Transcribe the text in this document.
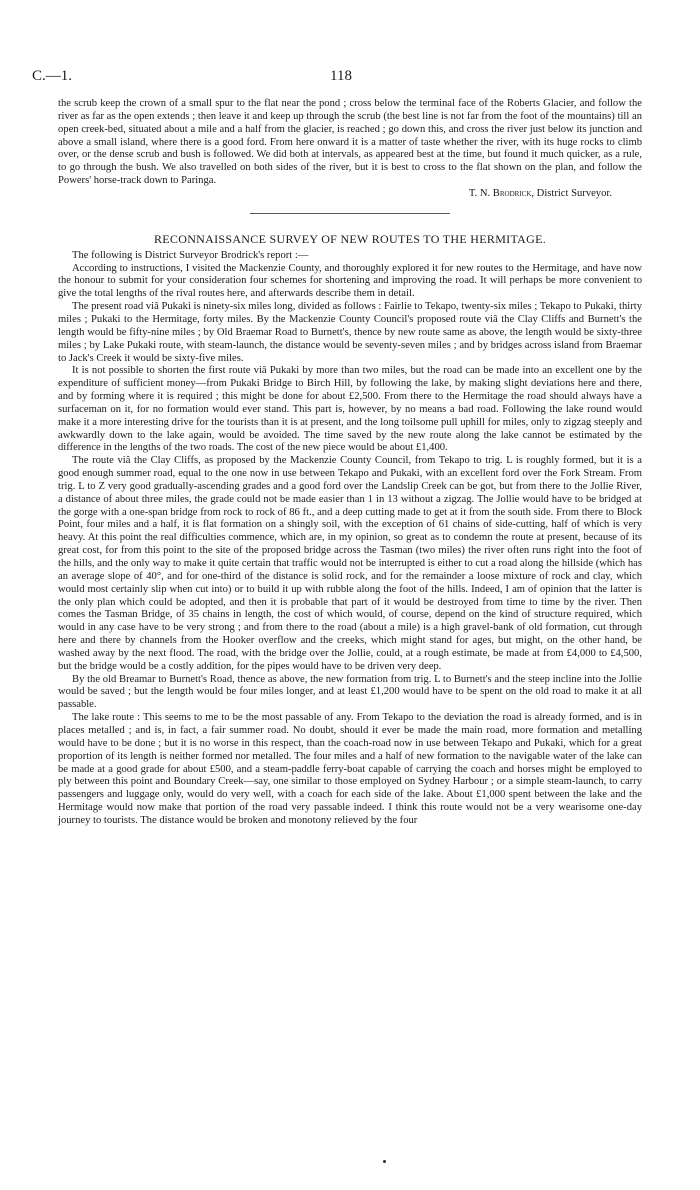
C.—1.	118

the scrub keep the crown of a small spur to the flat near the pond ; cross below the terminal face of the Roberts Glacier, and follow the river as far as the open extends ; then leave it and keep up through the scrub (the best line is not far from the foot of the mountains) till an open creek-bed, situated about a mile and a half from the glacier, is reached ; go down this, and cross the river just below its junction and above a small island, where there is a good ford. From here onward it is a matter of taste whether the river, with its huge rocks to climb over, or the dense scrub and bush is followed. We did both at intervals, as appeared best at the time, but found it much quicker, as a rule, to go through the bush. We also travelled on both sides of the river, but it is best to cross to the flat shown on the plan, and follow the Powers' horse-track down to Paringa.

T. N. Brodrick, District Surveyor.

RECONNAISSANCE SURVEY OF NEW ROUTES TO THE HERMITAGE.

The following is District Surveyor Brodrick's report :—

According to instructions, I visited the Mackenzie County, and thoroughly explored it for new routes to the Hermitage, and have now the honour to submit for your consideration four schemes for shortening and improving the road. It will perhaps be more convenient to give the total lengths of the rival routes here, and afterwards describe them in detail.

The present road viâ Pukaki is ninety-six miles long, divided as follows : Fairlie to Tekapo, twenty-six miles ; Tekapo to Pukaki, thirty miles ; Pukaki to the Hermitage, forty miles. By the Mackenzie County Council's proposed route viâ the Clay Cliffs and Burnett's the length would be fifty-nine miles ; by Old Braemar Road to Burnett's, thence by new route same as above, the length would be sixty-three miles ; by Lake Pukaki route, with steam-launch, the distance would be seventy-seven miles ; and by bridges across island from Braemar to Jack's Creek it would be sixty-five miles.

It is not possible to shorten the first route viâ Pukaki by more than two miles, but the road can be made into an excellent one by the expenditure of sufficient money—from Pukaki Bridge to Birch Hill, by following the lake, by making slight deviations here and there, and by forming where it is required ; this might be done for about £2,500. From there to the Hermitage the road should always have a surfaceman on it, for no formation would ever stand. This part is, however, by no means a bad road. Following the lake round would make it a more interesting drive for the tourists than it is at present, and the long toilsome pull uphill for miles, only to zigzag steeply and awkwardly down to the lake again, would be avoided. The time saved by the new route along the lake cannot be estimated by the difference in the lengths of the two roads. The cost of the new piece would be about £1,400.

The route viâ the Clay Cliffs, as proposed by the Mackenzie County Council, from Tekapo to trig. L is roughly formed, but it is a good enough summer road, equal to the one now in use between Tekapo and Pukaki, with an excellent ford over the Fork Stream. From trig. L to Z very good gradually-ascending grades and a good ford over the Landslip Creek can be got, but from there to the Jollie River, a distance of about three miles, the grade could not be made easier than 1 in 13 without a zigzag. The Jollie would have to be bridged at the gorge with a one-span bridge from rock to rock of 86 ft., and a deep cutting made to get at it from the south side. From there to Block Point, four miles and a half, it is flat formation on a shingly soil, with the exception of 61 chains of side-cutting, half of which is very heavy. At this point the real difficulties commence, which are, in my opinion, so great as to condemn the route at present, because of its great cost, for from this point to the site of the proposed bridge across the Tasman (two miles) the river often runs right into the foot of the hills, and the only way to make it quite certain that traffic would not be interrupted is either to cut a road along the hillside (which has an average slope of 40°, and for one-third of the distance is solid rock, and for the remainder a loose mixture of rock and clay, which would most certainly slip when cut into) or to build it up with rubble along the foot of the hills. Indeed, I am of opinion that the latter is the only plan which could be adopted, and then it is probable that part of it would be destroyed from time to time by the river. Then comes the Tasman Bridge, of 35 chains in length, the cost of which would, of course, depend on the kind of structure required, which would in any case have to be very strong ; and from there to the road (about a mile) is a high gravel-bank of old formation, cut through here and there by channels from the Hooker overflow and the creeks, which might stand for ages, but might, on the other hand, be washed away by the next flood. The road, with the bridge over the Jollie, could, at a rough estimate, be made at from £4,000 to £4,500, but the bridge would be a costly addition, for the pipes would have to be driven very deep.

By the old Breamar to Burnett's Road, thence as above, the new formation from trig. L to Burnett's and the steep incline into the Jollie would be saved ; but the length would be four miles longer, and at least £1,200 would have to be spent on the old road to make it at all passable.

The lake route : This seems to me to be the most passable of any. From Tekapo to the deviation the road is already formed, and is in places metalled ; and is, in fact, a fair summer road. No doubt, should it ever be made the main road, more formation and metalling would have to be done ; but it is no worse in this respect, than the coach-road now in use between Tekapo and Pukaki, which for a great proportion of its length is neither formed nor metalled. The four miles and a half of new formation to the navigable water of the lake can be made at a good grade for about £500, and a steam-paddle ferry-boat capable of carrying the coach and horses might be employed to ply between this point and Boundary Creek—say, one similar to those employed on Sydney Harbour ; or a simple steam-launch, to carry passengers and luggage only, would do very well, with a coach for each side of the lake. About £1,000 spent between the lake and the Hermitage would now make that portion of the road very passable indeed. I think this route would not be a very wearisome one-day journey to tourists. The distance would be broken and monotony relieved by the four
